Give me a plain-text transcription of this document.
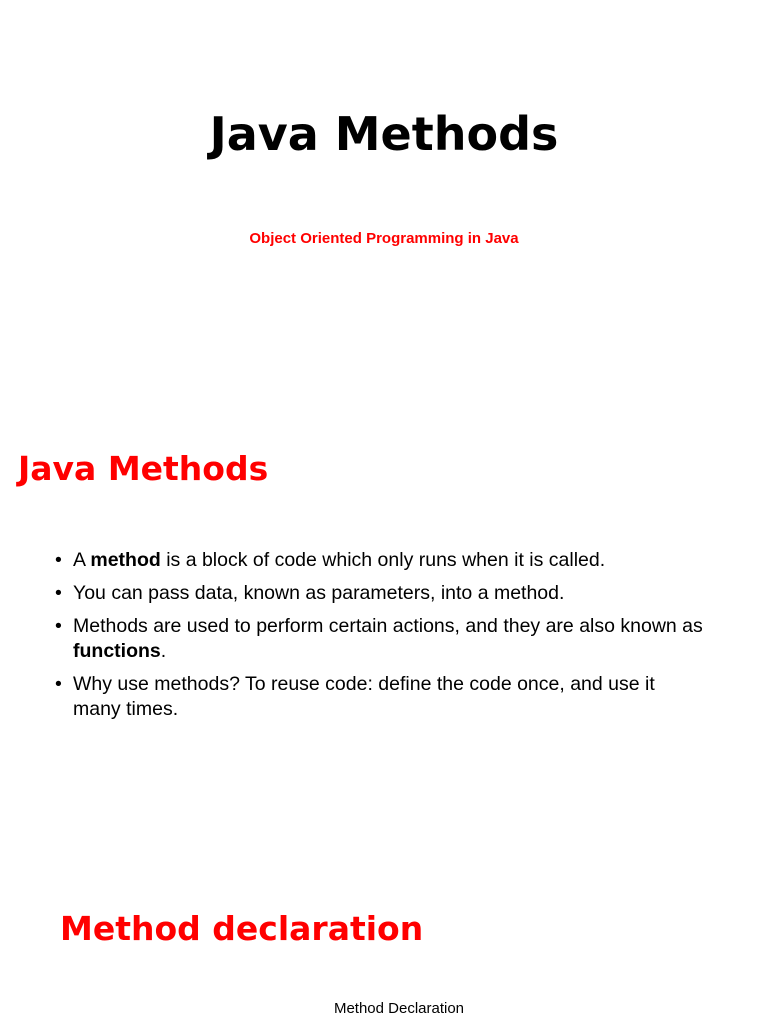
Java Methods

Object Oriented Programming in Java

Java Methods
• A method is a block of code which only runs when it is called.
• You can pass data, known as parameters, into a method.
• Methods are used to perform certain actions, and they are also known as functions.
• Why use methods? To reuse code: define the code once, and use it many times.
Method declaration

Method Declaration
